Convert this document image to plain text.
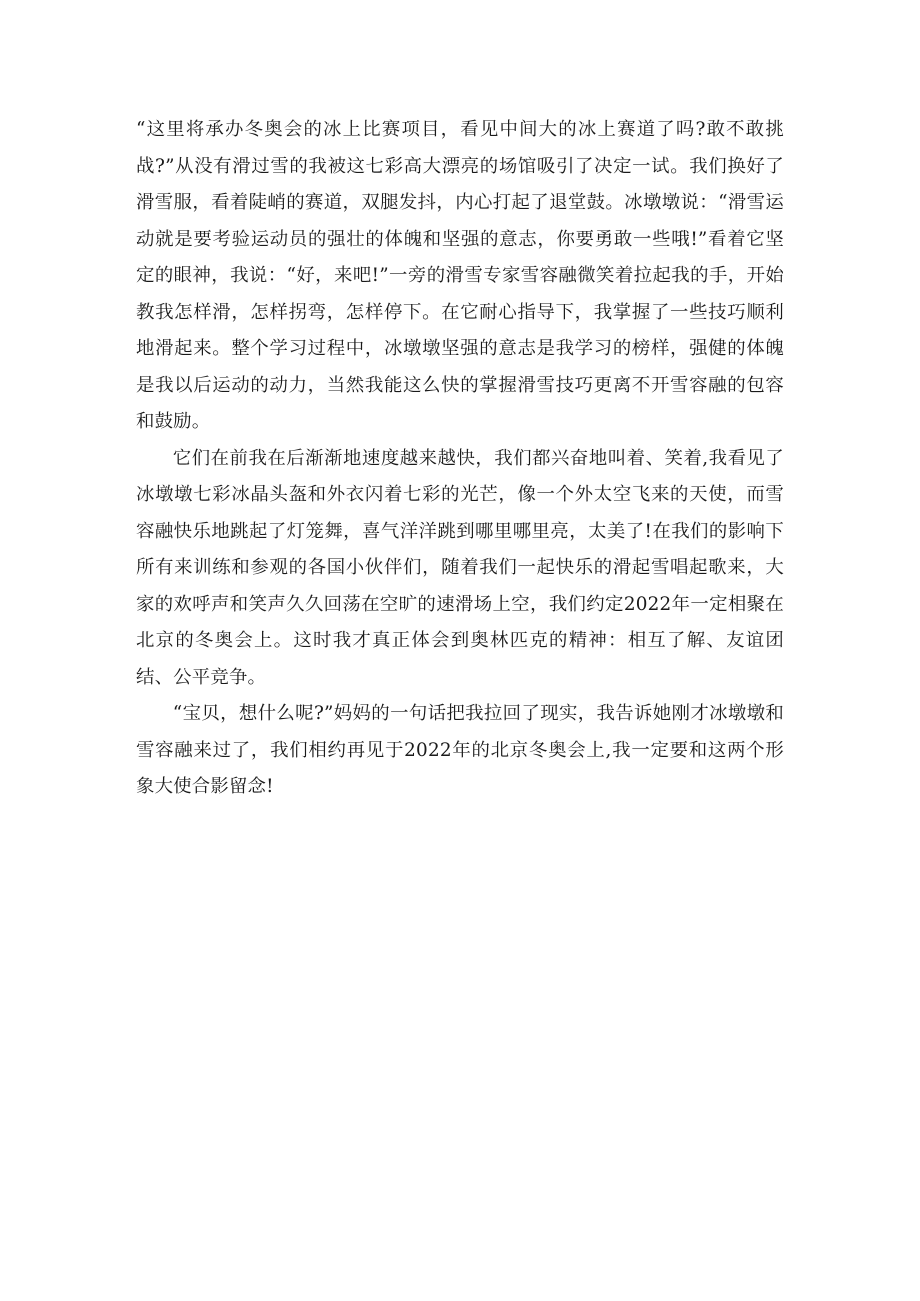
“这里将承办冬奥会的冰上比赛项目，看见中间大的冰上赛道了吗?敢不敢挑战?”从没有滑过雪的我被这七彩高大漂亮的场馆吸引了决定一试。我们换好了滑雪服，看着陡峭的赛道，双腿发抖，内心打起了退堂鼓。冰墩墩说：“滑雪运动就是要考验运动员的强壮的体魄和坚强的意志，你要勇敢一些哦!”看着它坚定的眼神，我说：“好，来吧!”一旁的滑雪专家雪容融微笑着拉起我的手，开始教我怎样滑，怎样拐弯，怎样停下。在它耐心指导下，我掌握了一些技巧顺利地滑起来。整个学习过程中，冰墩墩坚强的意志是我学习的榜样，强健的体魄是我以后运动的动力，当然我能这么快的掌握滑雪技巧更离不开雪容融的包容和鼓励。

它们在前我在后渐渐地速度越来越快，我们都兴奋地叫着、笑着,我看见了冰墩墩七彩冰晶头盔和外衣闪着七彩的光芒，像一个外太空飞来的天使，而雪容融快乐地跳起了灯笼舞，喜气洋洋跳到哪里哪里亮，太美了!在我们的影响下所有来训练和参观的各国小伙伴们，随着我们一起快乐的滑起雪唱起歌来，大家的欢呼声和笑声久久回荡在空旷的速滑场上空，我们约定2022年一定相聚在北京的冬奥会上。这时我才真正体会到奥林匹克的精神：相互了解、友谊团结、公平竞争。

“宝贝，想什么呢?”妈妈的一句话把我拉回了现实，我告诉她刚才冰墩墩和雪容融来过了，我们相约再见于2022年的北京冬奥会上,我一定要和这两个形象大使合影留念!
